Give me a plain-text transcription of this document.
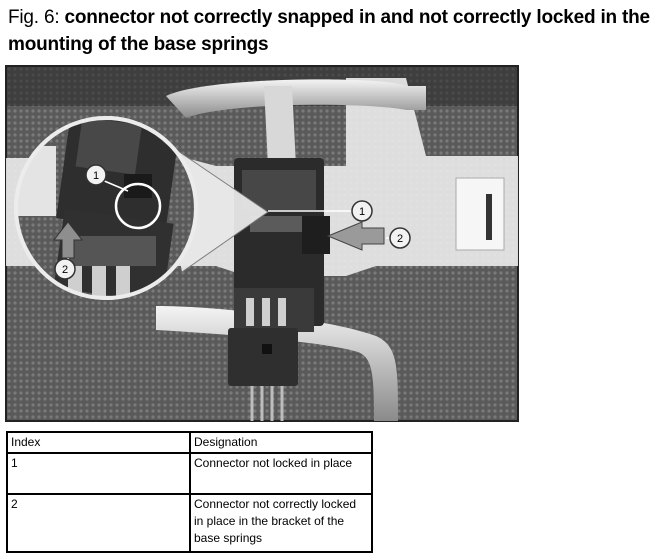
Fig. 6: connector not correctly snapped in and not correctly locked in the mounting of the base springs
1
2
1
2
FB6508013
Index	Designation
1	Connector not locked in place
2	Connector not correctly locked in place in the bracket of the base springs
